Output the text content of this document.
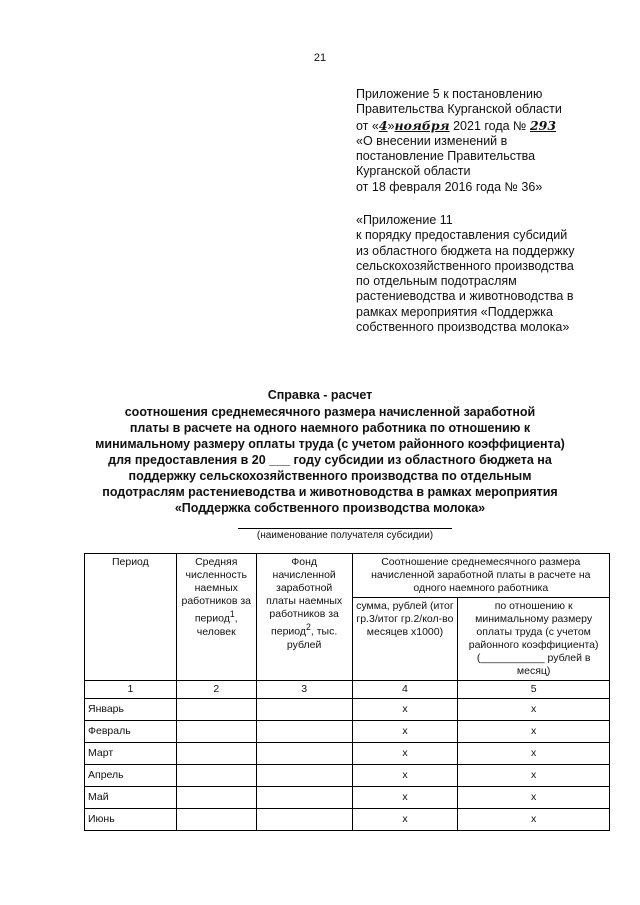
21
Приложение 5 к постановлению
Правительства Курганской области
от «4»ноября 2021 года № 293
«О внесении изменений в
постановление Правительства
Курганской области
от 18 февраля 2016 года № 36»
«Приложение 11
к порядку предоставления субсидий
из областного бюджета на поддержку
сельскохозяйственного производства
по отдельным подотраслям
растениеводства и животноводства в
рамках мероприятия «Поддержка
собственного производства молока»
Справка - расчет
соотношения среднемесячного размера начисленной заработной
платы в расчете на одного наемного работника по отношению к
минимальному размеру оплаты труда (с учетом районного коэффициента)
для предоставления в 20 ___ году субсидии из областного бюджета на
поддержку сельскохозяйственного производства по отдельным
подотраслям растениеводства и животноводства в рамках мероприятия
«Поддержка собственного производства молока»
(наименование получателя субсидии)
Период	Средняя численность наемных работников за период$^1$, человек	Фонд начисленной заработной платы наемных работников за период$^2$, тыс. рублей	Соотношение среднемесячного размера начисленной заработной платы в расчете на одного наемного работника	
			сумма, рублей (итог гр.3/итог гр.2/кол-во месяцев х1000)	по отношению к минимальному размеру оплаты труда (с учетом районного коэффициента) (___________ рублей в месяц)
1	2	3	4	5
Январь			x	x
Февраль			x	x
Март			x	x
Апрель			x	x
Май			x	x
Июнь			x	x
